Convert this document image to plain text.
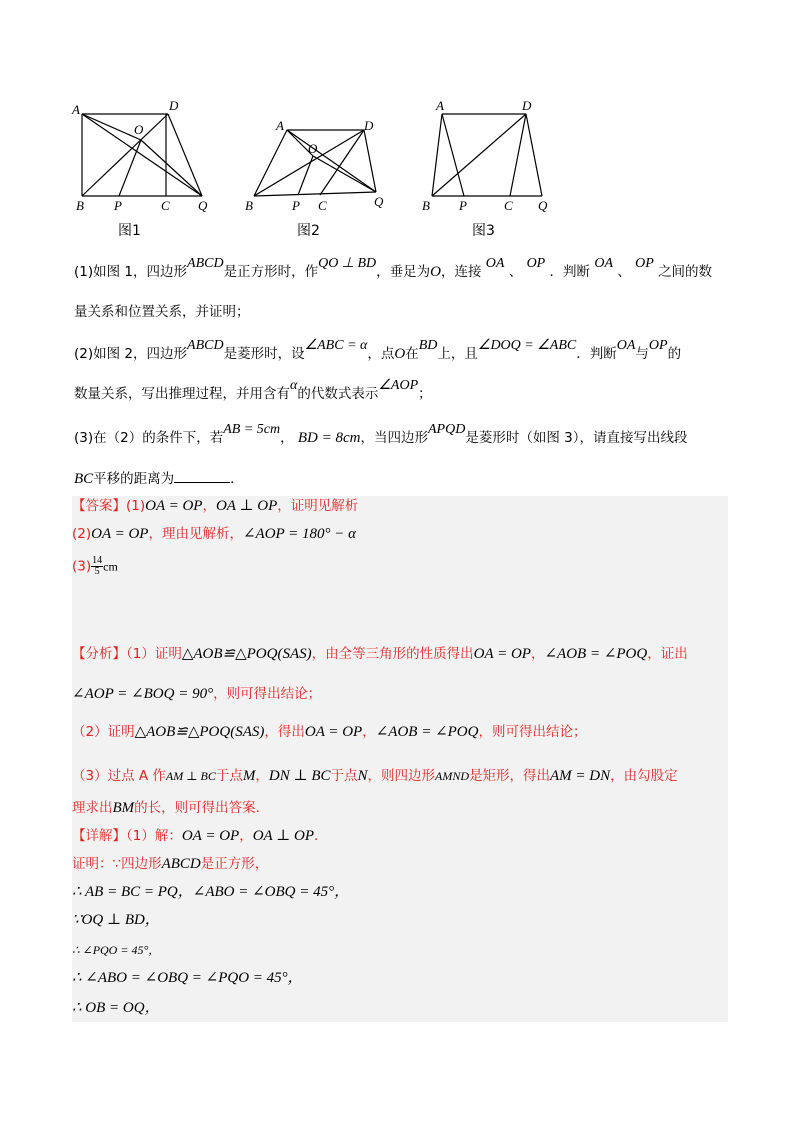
A	D
O
B P	C Q
图1
A	D
O
B	P C	Q
图2
A	D
B P	C Q
图3
(1)如图 1，四边形ABCD是正方形时，作QO ⊥ BD，垂足为O，连接 OA 、 OP ．判断 OA 、 OP 之间的数
量关系和位置关系，并证明；
(2)如图 2，四边形ABCD是菱形时，设∠ABC = α，点O在BD上，且∠DOQ = ∠ABC．判断OA与OP的
数量关系，写出推理过程，并用含有α的代数式表示∠AOP；
(3)在（2）的条件下，若AB = 5cm， BD = 8cm，当四边形APQD是菱形时（如图 3），请直接写出线段
BC平移的距离为	．
【答案】(1)OA = OP，OA ⊥ OP，证明见解析
(2)OA = OP，理由见解析，∠AOP = 180° − α
$(3) \frac{14}{5}$ cm
【分析】（1）证明△AOB≌△POQ(SAS)，由全等三角形的性质得出OA = OP，∠AOB = ∠POQ，证出
∠AOP = ∠BOQ = 90°，则可得出结论；
（2）证明△AOB≌△POQ(SAS)，得出OA = OP，∠AOB = ∠POQ，则可得出结论；
（3）过点 A 作AM ⊥ BC于点M，DN ⊥ BC于点N，则四边形AMND是矩形，得出AM = DN，由勾股定
理求出BM的长，则可得出答案．
【详解】（1）解：OA = OP，OA ⊥ OP．
证明：∵四边形ABCD是正方形，
∴ AB = BC = PQ，∠ABO = ∠OBQ = 45°，
∵OQ ⊥ BD，
∴ ∠PQO = 45°，
∴ ∠ABO = ∠OBQ = ∠PQO = 45°，
∴ OB = OQ，
